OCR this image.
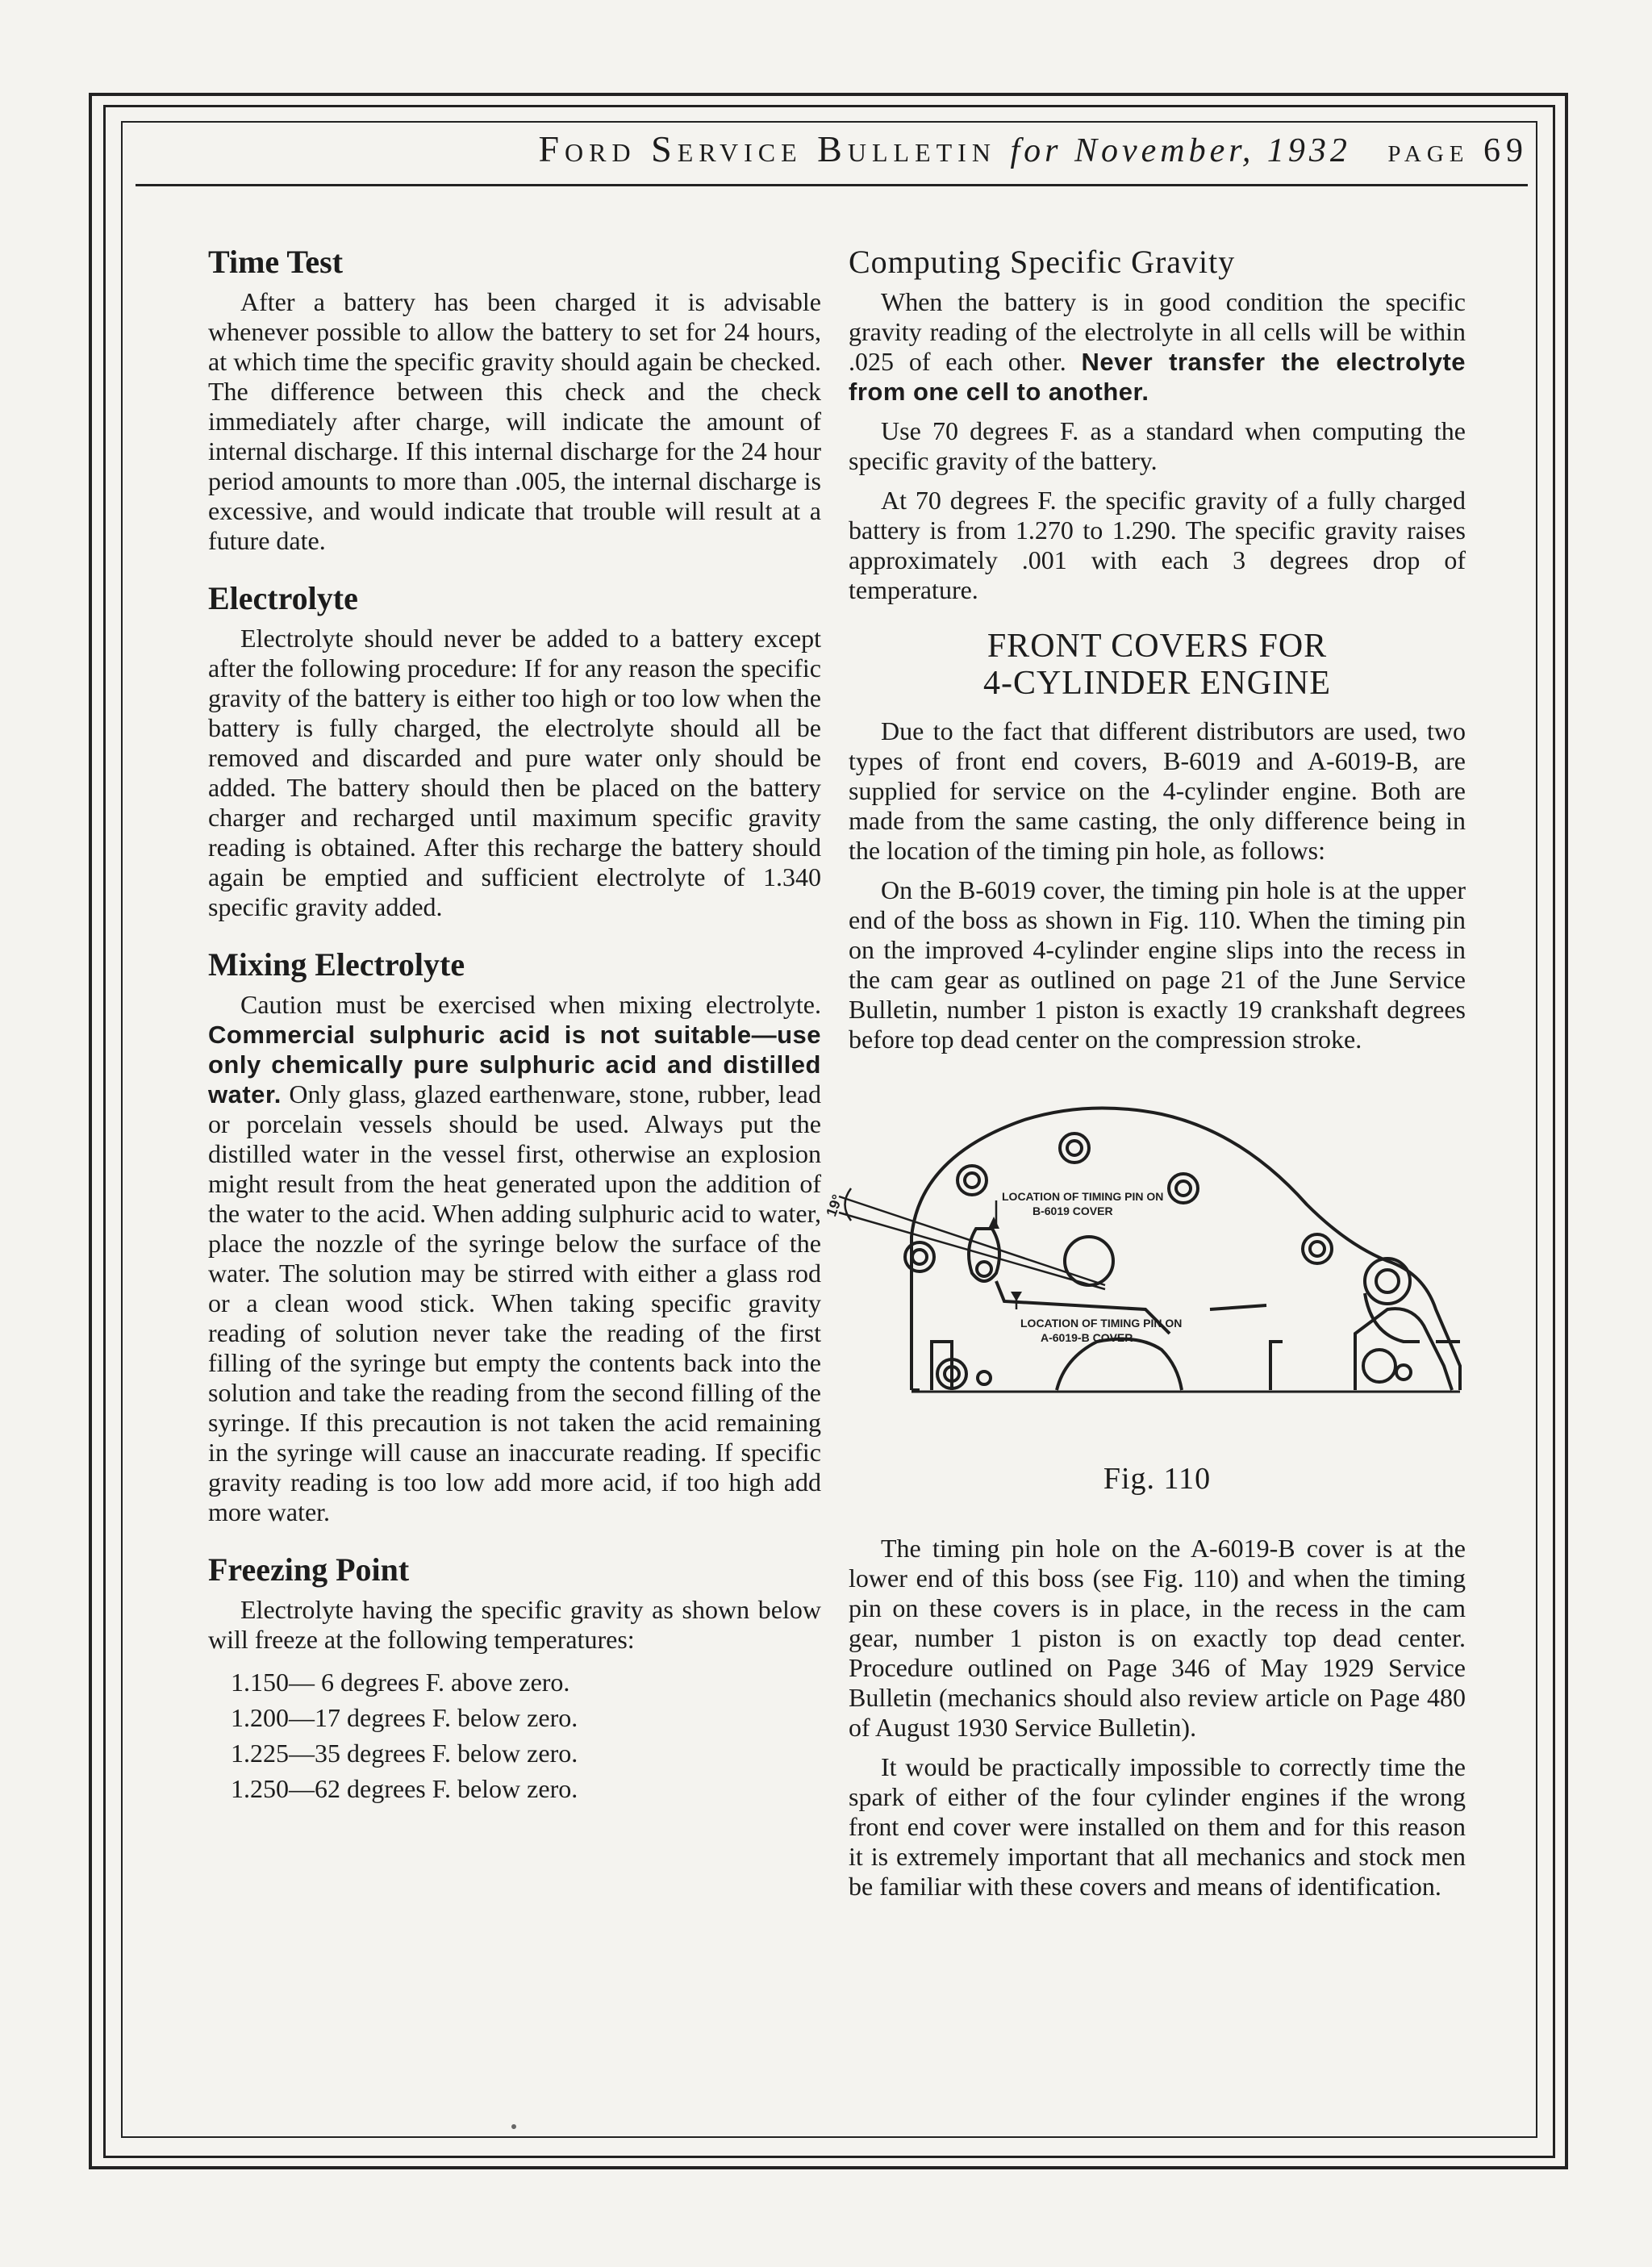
Ford Service Bulletin for November, 1932 page 69
Time Test

After a battery has been charged it is advisable whenever possible to allow the battery to set for 24 hours, at which time the specific gravity should again be checked. The difference between this check and the check immediately after charge, will indicate the amount of internal discharge. If this internal discharge for the 24 hour period amounts to more than .005, the internal discharge is excessive, and would indicate that trouble will result at a future date.

Electrolyte

Electrolyte should never be added to a battery except after the following procedure: If for any reason the specific gravity of the battery is either too high or too low when the battery is fully charged, the electrolyte should all be removed and discarded and pure water only should be added. The battery should then be placed on the battery charger and recharged until maximum specific gravity reading is obtained. After this recharge the battery should again be emptied and sufficient electrolyte of 1.340 specific gravity added.

Mixing Electrolyte

Caution must be exercised when mixing electrolyte. Commercial sulphuric acid is not suitable—use only chemically pure sulphuric acid and distilled water. Only glass, glazed earthenware, stone, rubber, lead or porcelain vessels should be used. Always put the distilled water in the vessel first, otherwise an explosion might result from the heat generated upon the addition of the water to the acid. When adding sulphuric acid to water, place the nozzle of the syringe below the surface of the water. The solution may be stirred with either a glass rod or a clean wood stick. When taking specific gravity reading of solution never take the reading of the first filling of the syringe but empty the contents back into the solution and take the reading from the second filling of the syringe. If this precaution is not taken the acid remaining in the syringe will cause an inaccurate reading. If specific gravity reading is too low add more acid, if too high add more water.

Freezing Point

Electrolyte having the specific gravity as shown below will freeze at the following temperatures:

1.150— 6 degrees F. above zero.
1.200—17 degrees F. below zero.
1.225—35 degrees F. below zero.
1.250—62 degrees F. below zero.
Computing Specific Gravity

When the battery is in good condition the specific gravity reading of the electrolyte in all cells will be within .025 of each other. Never transfer the electrolyte from one cell to another.

Use 70 degrees F. as a standard when computing the specific gravity of the battery.

At 70 degrees F. the specific gravity of a fully charged battery is from 1.270 to 1.290. The specific gravity raises approximately .001 with each 3 degrees drop of temperature.

FRONT COVERS FOR
4-CYLINDER ENGINE

Due to the fact that different distributors are used, two types of front end covers, B-6019 and A-6019-B, are supplied for service on the 4-cylinder engine. Both are made from the same casting, the only difference being in the location of the timing pin hole, as follows:

On the B-6019 cover, the timing pin hole is at the upper end of the boss as shown in Fig. 110. When the timing pin on the improved 4-cylinder engine slips into the recess in the cam gear as outlined on page 21 of the June Service Bulletin, number 1 piston is exactly 19 crankshaft degrees before top dead center on the compression stroke.

LOCATION OF TIMING PIN ON
B-6019 COVER
LOCATION OF TIMING PIN ON
A-6019-B COVER
19°
Fig. 110

The timing pin hole on the A-6019-B cover is at the lower end of this boss (see Fig. 110) and when the timing pin on these covers is in place, in the recess in the cam gear, number 1 piston is on exactly top dead center. Procedure outlined on Page 346 of May 1929 Service Bulletin (mechanics should also review article on Page 480 of August 1930 Service Bulletin).

It would be practically impossible to correctly time the spark of either of the four cylinder engines if the wrong front end cover were installed on them and for this reason it is extremely important that all mechanics and stock men be familiar with these covers and means of identification.
